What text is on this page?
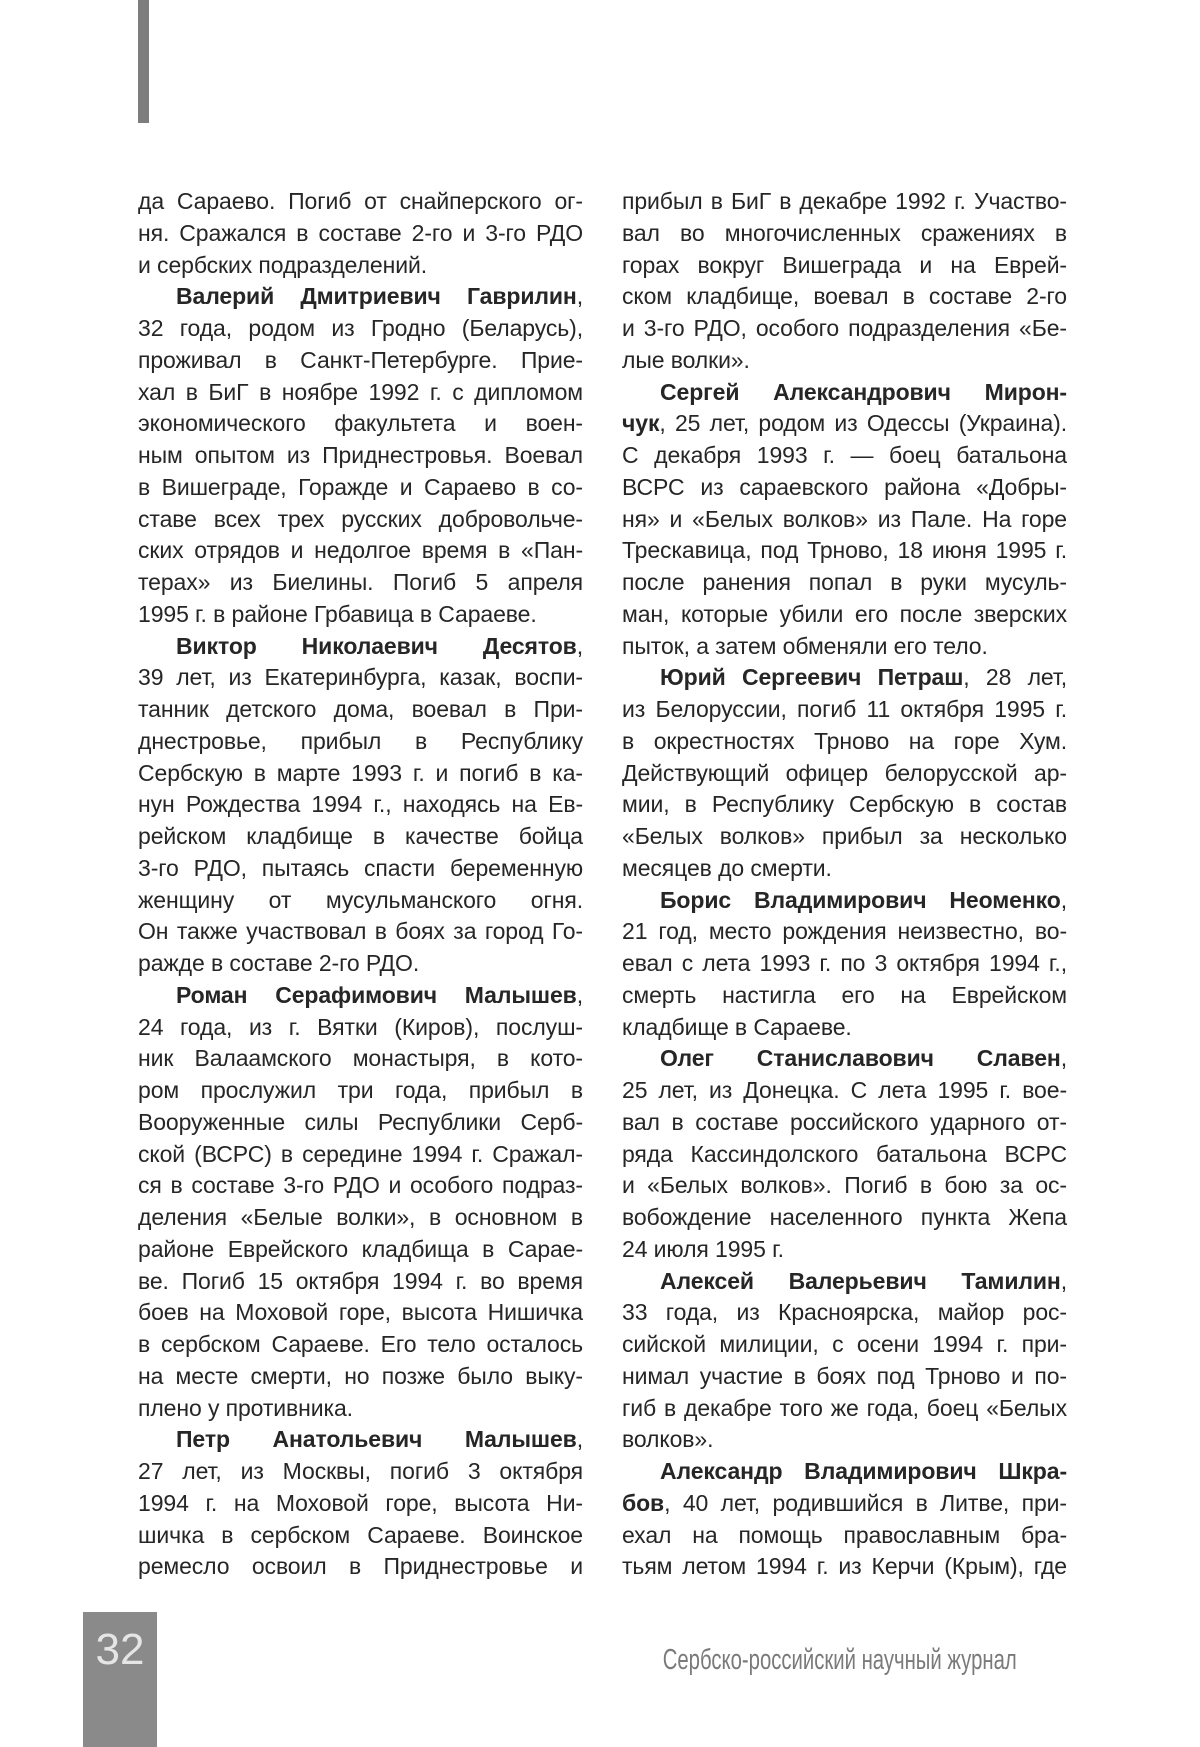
да Сараево. Погиб от снайперского ог-
ня. Сражался в составе 2-го и 3-го РДО
и сербских подразделений.
Валерий Дмитриевич Гаврилин,
32 года, родом из Гродно (Беларусь),
проживал в Санкт-Петербурге. Прие-
хал в БиГ в ноябре 1992 г. с дипломом
экономического факультета и воен-
ным опытом из Приднестровья. Воевал
в Вишеграде, Горажде и Сараево в со-
ставе всех трех русских добровольче-
ских отрядов и недолгое время в «Пан-
терах» из Биелины. Погиб 5 апреля
1995 г. в районе Грбавица в Сараеве.
Виктор Николаевич Десятов,
39 лет, из Екатеринбурга, казак, воспи-
танник детского дома, воевал в При-
днестровье, прибыл в Республику
Сербскую в марте 1993 г. и погиб в ка-
нун Рождества 1994 г., находясь на Ев-
рейском кладбище в качестве бойца
3-го РДО, пытаясь спасти беременную
женщину от мусульманского огня.
Он также участвовал в боях за город Го-
ражде в составе 2-го РДО.
Роман Серафимович Малышев,
24 года, из г. Вятки (Киров), послуш-
ник Валаамского монастыря, в кото-
ром прослужил три года, прибыл в
Вооруженные силы Республики Серб-
ской (ВСРС) в середине 1994 г. Сражал-
ся в составе 3-го РДО и особого подраз-
деления «Белые волки», в основном в
районе Еврейского кладбища в Сарае-
ве. Погиб 15 октября 1994 г. во время
боев на Моховой горе, высота Нишичка
в сербском Сараеве. Его тело осталось
на месте смерти, но позже было выку-
плено у противника.
Петр Анатольевич Малышев,
27 лет, из Москвы, погиб 3 октября
1994 г. на Моховой горе, высота Ни-
шичка в сербском Сараеве. Воинское
ремесло освоил в Приднестровье и
прибыл в БиГ в декабре 1992 г. Участво-
вал во многочисленных сражениях в
горах вокруг Вишеграда и на Еврей-
ском кладбище, воевал в составе 2-го
и 3-го РДО, особого подразделения «Бе-
лые волки».
Сергей Александрович Мирон-
чук, 25 лет, родом из Одессы (Украина).
С декабря 1993 г. — боец батальона
ВСРС из сараевского района «Добры-
ня» и «Белых волков» из Пале. На горе
Трескавица, под Трново, 18 июня 1995 г.
после ранения попал в руки мусуль-
ман, которые убили его после зверских
пыток, а затем обменяли его тело.
Юрий Сергеевич Петраш, 28 лет,
из Белоруссии, погиб 11 октября 1995 г.
в окрестностях Трново на горе Хум.
Действующий офицер белорусской ар-
мии, в Республику Сербскую в состав
«Белых волков» прибыл за несколько
месяцев до смерти.
Борис Владимирович Неоменко,
21 год, место рождения неизвестно, во-
евал с лета 1993 г. по 3 октября 1994 г.,
смерть настигла его на Еврейском
кладбище в Сараеве.
Олег Станиславович Славен,
25 лет, из Донецка. С лета 1995 г. вое-
вал в составе российского ударного от-
ряда Кассиндолского батальона ВСРС
и «Белых волков». Погиб в бою за ос-
вобождение населенного пункта Жепа
24 июля 1995 г.
Алексей Валерьевич Тамилин,
33 года, из Красноярска, майор рос-
сийской милиции, с осени 1994 г. при-
нимал участие в боях под Трново и по-
гиб в декабре того же года, боец «Белых
волков».
Александр Владимирович Шкра-
бов, 40 лет, родившийся в Литве, при-
ехал на помощь православным бра-
тьям летом 1994 г. из Керчи (Крым), где
32	Сербско-российский научный журнал
